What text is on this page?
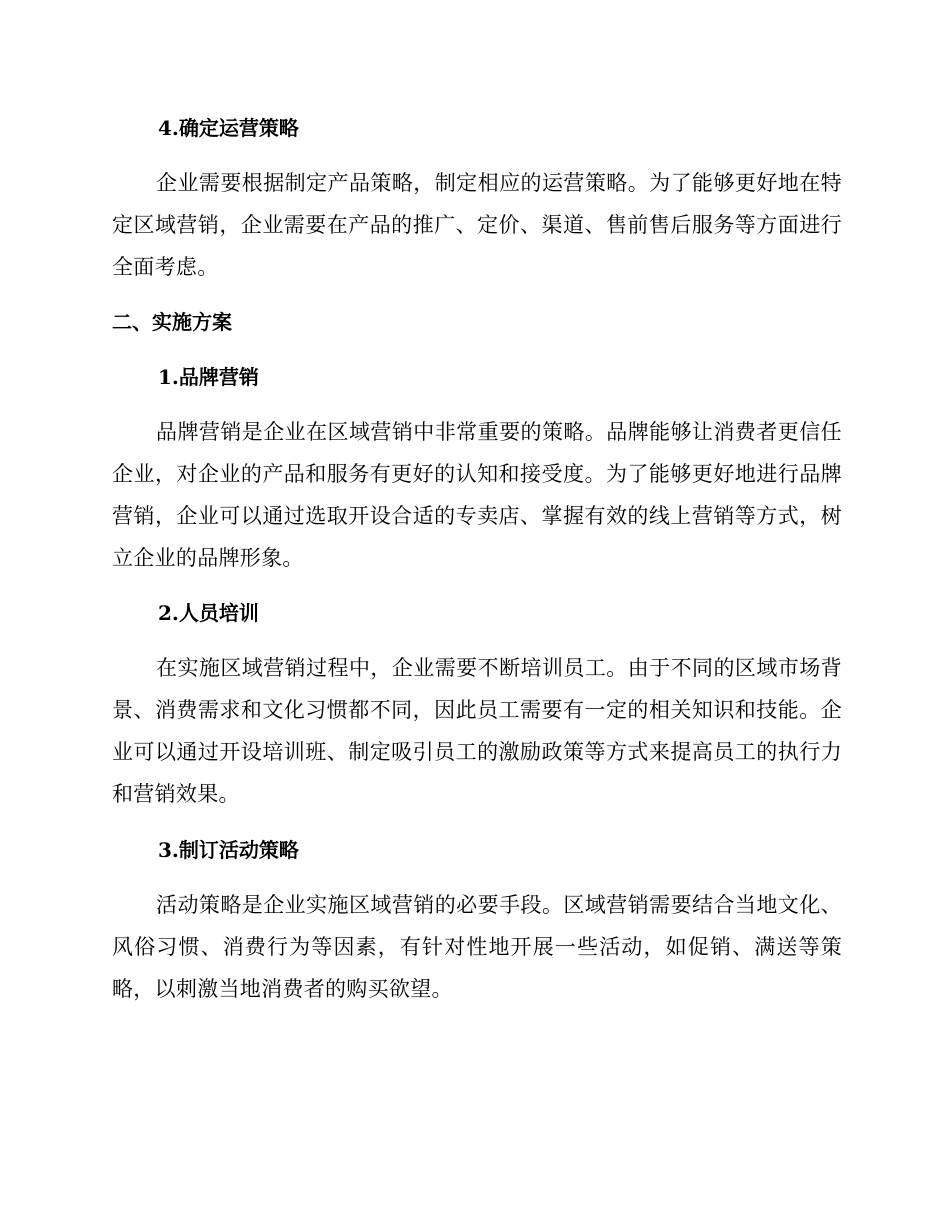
4.确定运营策略
企业需要根据制定产品策略，制定相应的运营策略。为了能够更好地在特定区域营销，企业需要在产品的推广、定价、渠道、售前售后服务等方面进行全面考虑。
二、实施方案
1.品牌营销
品牌营销是企业在区域营销中非常重要的策略。品牌能够让消费者更信任企业，对企业的产品和服务有更好的认知和接受度。为了能够更好地进行品牌营销，企业可以通过选取开设合适的专卖店、掌握有效的线上营销等方式，树立企业的品牌形象。
2.人员培训
在实施区域营销过程中，企业需要不断培训员工。由于不同的区域市场背景、消费需求和文化习惯都不同，因此员工需要有一定的相关知识和技能。企业可以通过开设培训班、制定吸引员工的激励政策等方式来提高员工的执行力和营销效果。
3.制订活动策略
活动策略是企业实施区域营销的必要手段。区域营销需要结合当地文化、风俗习惯、消费行为等因素，有针对性地开展一些活动，如促销、满送等策略，以刺激当地消费者的购买欲望。
